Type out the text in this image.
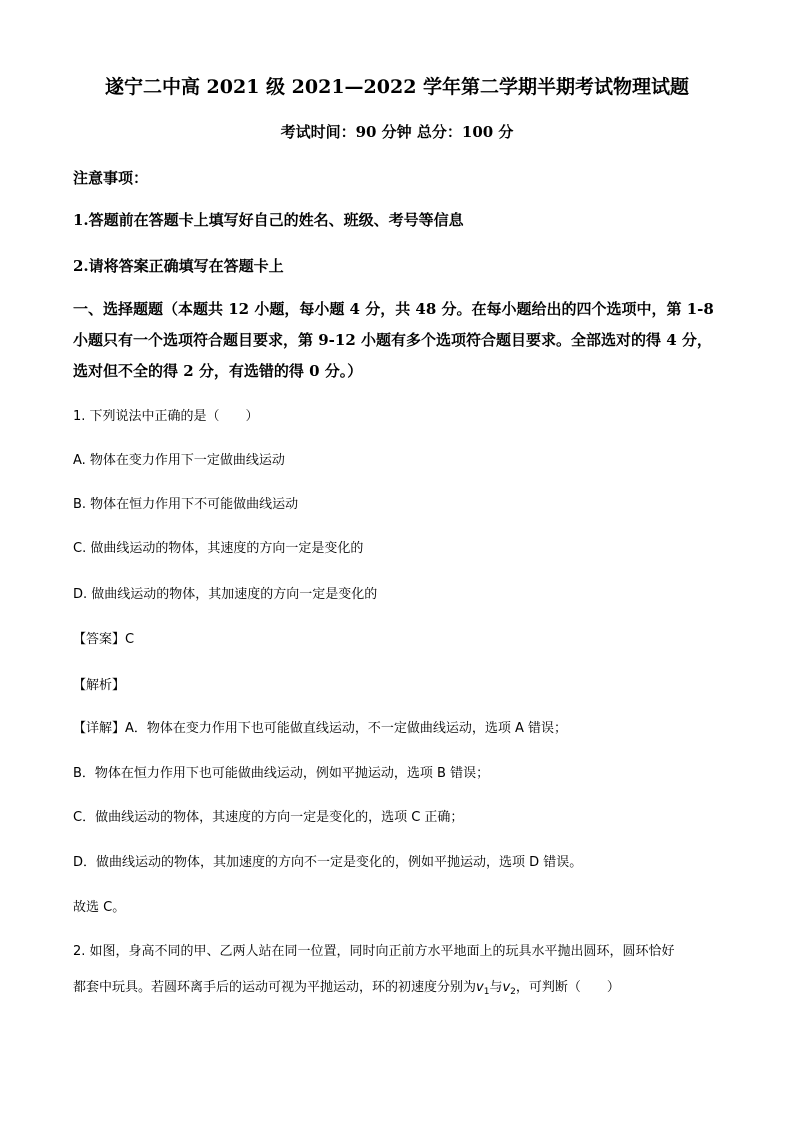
遂宁二中高 2021 级 2021—2022 学年第二学期半期考试物理试题
考试时间：90 分钟 总分：100 分
注意事项：
1.答题前在答题卡上填写好自己的姓名、班级、考号等信息
2.请将答案正确填写在答题卡上
一、选择题题（本题共 12 小题，每小题 4 分，共 48 分。在每小题给出的四个选项中，第 1-8
小题只有一个选项符合题目要求，第 9-12 小题有多个选项符合题目要求。全部选对的得 4 分，
选对但不全的得 2 分，有选错的得 0 分。）
1. 下列说法中正确的是（　　）
A. 物体在变力作用下一定做曲线运动
B. 物体在恒力作用下不可能做曲线运动
C. 做曲线运动的物体，其速度的方向一定是变化的
D. 做曲线运动的物体，其加速度的方向一定是变化的
【答案】C
【解析】
【详解】A．物体在变力作用下也可能做直线运动，不一定做曲线运动，选项 A 错误；
B．物体在恒力作用下也可能做曲线运动，例如平抛运动，选项 B 错误；
C．做曲线运动的物体，其速度的方向一定是变化的，选项 C 正确；
D．做曲线运动的物体，其加速度的方向不一定是变化的，例如平抛运动，选项 D 错误。
故选 C。
2. 如图，身高不同的甲、乙两人站在同一位置，同时向正前方水平地面上的玩具水平抛出圆环，圆环恰好
都套中玩具。若圆环离手后的运动可视为平抛运动，环的初速度分别为$v_1$与$v_2$，可判断（　　）
